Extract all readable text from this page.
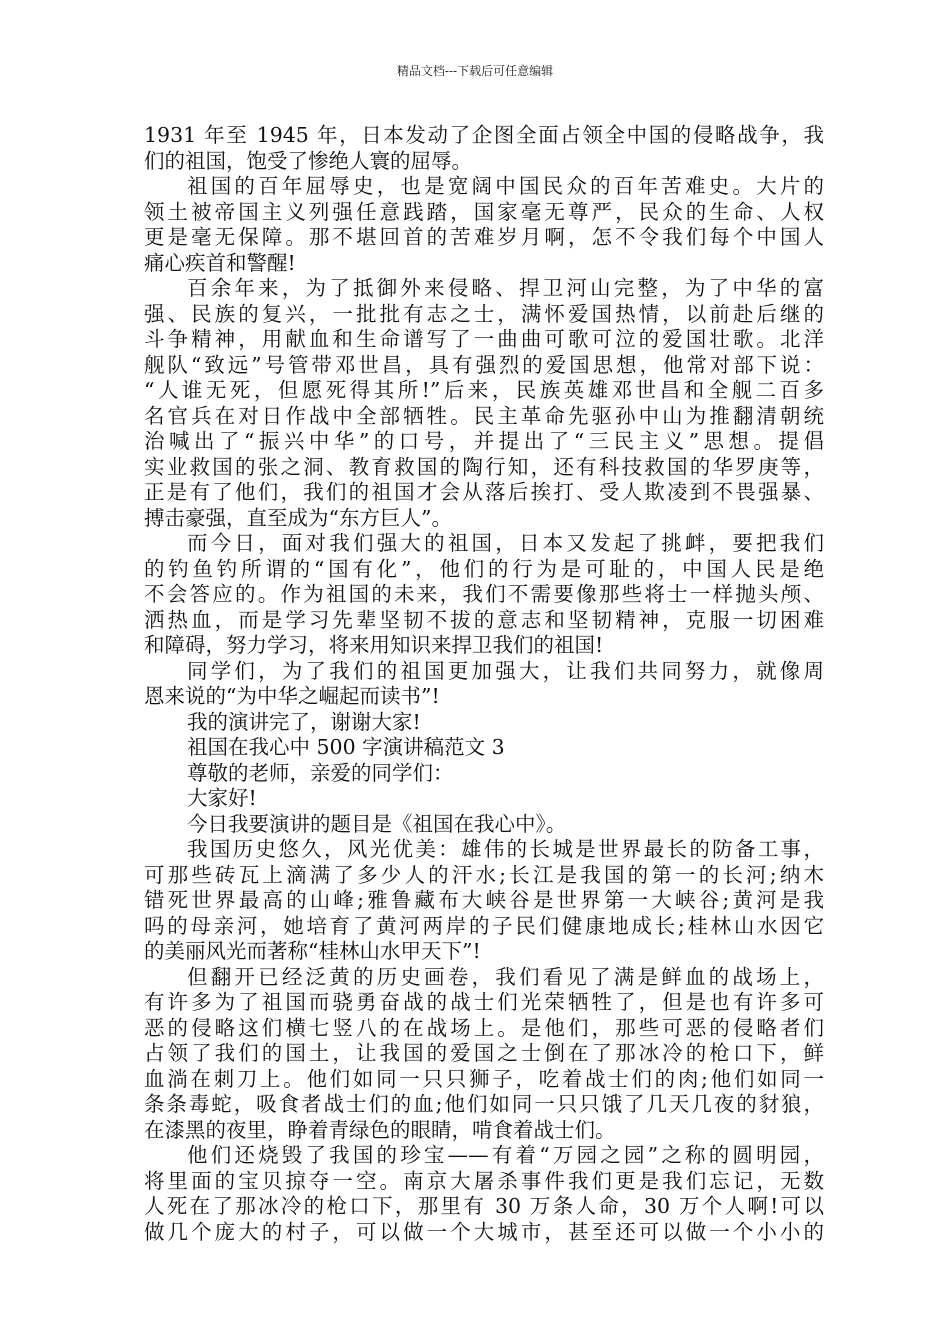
精品文档---下载后可任意编辑
1931 年至 1945 年，日本发动了企图全面占领全中国的侵略战争，我
们的祖国，饱受了惨绝人寰的屈辱。
祖国的百年屈辱史，也是宽阔中国民众的百年苦难史。大片的
领土被帝国主义列强任意践踏，国家毫无尊严，民众的生命、人权
更是毫无保障。那不堪回首的苦难岁月啊，怎不令我们每个中国人
痛心疾首和警醒!
百余年来，为了抵御外来侵略、捍卫河山完整，为了中华的富
强、民族的复兴，一批批有志之士，满怀爱国热情，以前赴后继的
斗争精神，用献血和生命谱写了一曲曲可歌可泣的爱国壮歌。北洋
舰队“致远”号管带邓世昌，具有强烈的爱国思想，他常对部下说：
“人谁无死，但愿死得其所!”后来，民族英雄邓世昌和全舰二百多
名官兵在对日作战中全部牺牲。民主革命先驱孙中山为推翻清朝统
治喊出了“振兴中华”的口号，并提出了“三民主义”思想。提倡
实业救国的张之洞、教育救国的陶行知，还有科技救国的华罗庚等，
正是有了他们，我们的祖国才会从落后挨打、受人欺凌到不畏强暴、
搏击豪强，直至成为“东方巨人”。
而今日，面对我们强大的祖国，日本又发起了挑衅，要把我们
的钓鱼钓所谓的“国有化”，他们的行为是可耻的，中国人民是绝
不会答应的。作为祖国的未来，我们不需要像那些将士一样抛头颅、
洒热血，而是学习先辈坚韧不拔的意志和坚韧精神，克服一切困难
和障碍，努力学习，将来用知识来捍卫我们的祖国!
同学们，为了我们的祖国更加强大，让我们共同努力，就像周
恩来说的“为中华之崛起而读书”!
我的演讲完了，谢谢大家!
祖国在我心中 500 字演讲稿范文 3
尊敬的老师，亲爱的同学们：
大家好!
今日我要演讲的题目是《祖国在我心中》。
我国历史悠久，风光优美：雄伟的长城是世界最长的防备工事，
可那些砖瓦上滴满了多少人的汗水;长江是我国的第一的长河;纳木
错死世界最高的山峰;雅鲁藏布大峡谷是世界第一大峡谷;黄河是我
吗的母亲河，她培育了黄河两岸的子民们健康地成长;桂林山水因它
的美丽风光而著称“桂林山水甲天下”!
但翻开已经泛黄的历史画卷，我们看见了满是鲜血的战场上，
有许多为了祖国而骁勇奋战的战士们光荣牺牲了，但是也有许多可
恶的侵略这们横七竖八的在战场上。是他们，那些可恶的侵略者们
占领了我们的国土，让我国的爱国之士倒在了那冰冷的枪口下，鲜
血淌在刺刀上。他们如同一只只狮子，吃着战士们的肉;他们如同一
条条毒蛇，吸食者战士们的血;他们如同一只只饿了几天几夜的豺狼，
在漆黑的夜里，睁着青绿色的眼睛，啃食着战士们。
他们还烧毁了我国的珍宝——有着“万园之园”之称的圆明园，
将里面的宝贝掠夺一空。南京大屠杀事件我们更是我们忘记，无数
人死在了那冰冷的枪口下，那里有 30 万条人命，30 万个人啊!可以
做几个庞大的村子，可以做一个大城市，甚至还可以做一个小小的
